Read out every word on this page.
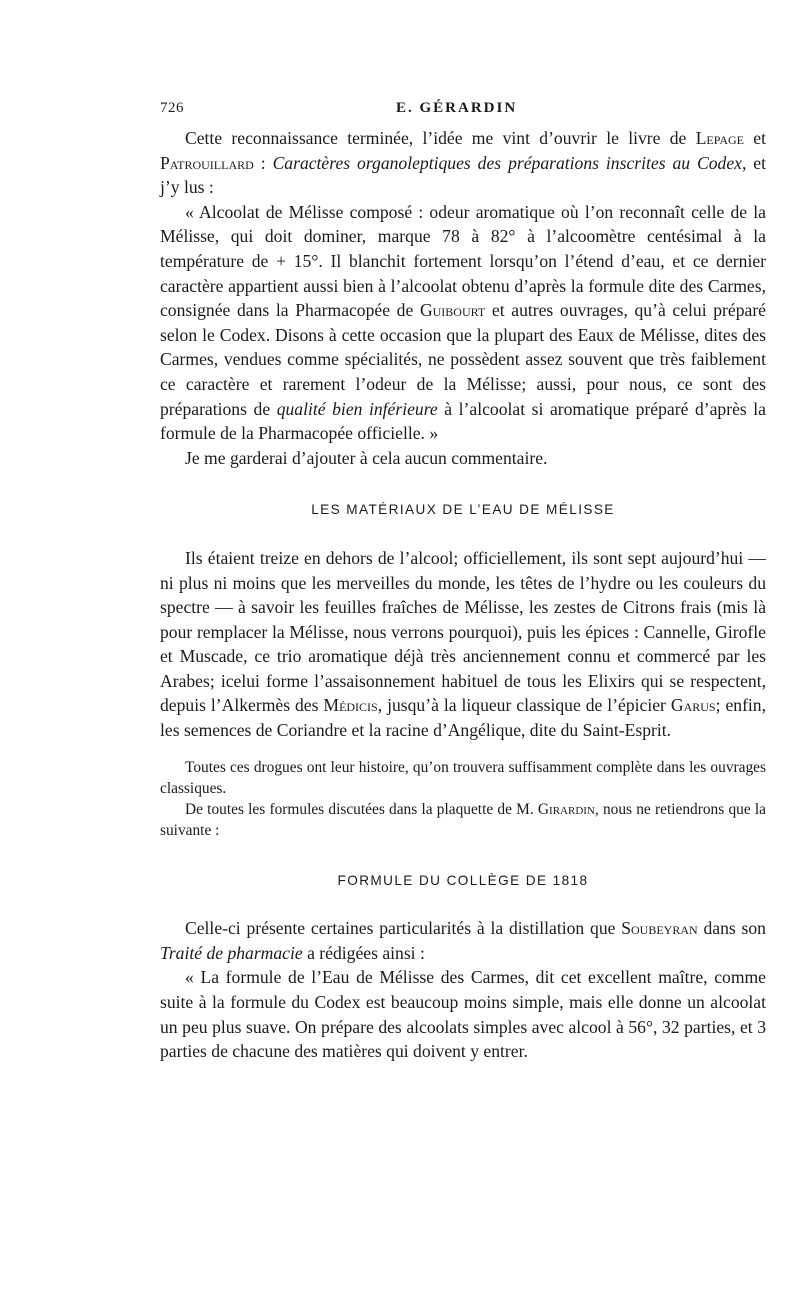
726	E. GÉRARDIN

Cette reconnaissance terminée, l’idée me vint d’ouvrir le livre de Lepage et Patrouillard : Caractères organoleptiques des préparations inscrites au Codex, et j’y lus :

« Alcoolat de Mélisse composé : odeur aromatique où l’on reconnaît celle de la Mélisse, qui doit dominer, marque 78 à 82° à l’alcoomètre centésimal à la température de + 15°. Il blanchit fortement lorsqu’on l’étend d’eau, et ce dernier caractère appartient aussi bien à l’alcoolat obtenu d’après la formule dite des Carmes, consignée dans la Pharmacopée de Guibourt et autres ouvrages, qu’à celui préparé selon le Codex. Disons à cette occasion que la plupart des Eaux de Mélisse, dites des Carmes, vendues comme spécialités, ne possèdent assez souvent que très faiblement ce caractère et rarement l’odeur de la Mélisse; aussi, pour nous, ce sont des préparations de qualité bien inférieure à l’alcoolat si aromatique préparé d’après la formule de la Pharmacopée officielle. »

Je me garderai d’ajouter à cela aucun commentaire.

LES MATÉRIAUX DE L’EAU DE MÉLISSE

Ils étaient treize en dehors de l’alcool; officiellement, ils sont sept aujourd’hui — ni plus ni moins que les merveilles du monde, les têtes de l’hydre ou les couleurs du spectre — à savoir les feuilles fraîches de Mélisse, les zestes de Citrons frais (mis là pour remplacer la Mélisse, nous verrons pourquoi), puis les épices : Cannelle, Girofle et Muscade, ce trio aromatique déjà très anciennement connu et commercé par les Arabes; icelui forme l’assaisonnement habituel de tous les Elixirs qui se respectent, depuis l’Alkermès des Médicis, jusqu’à la liqueur classique de l’épicier Garus; enfin, les semences de Coriandre et la racine d’Angélique, dite du Saint-Esprit.

Toutes ces drogues ont leur histoire, qu’on trouvera suffisamment complète dans les ouvrages classiques.

De toutes les formules discutées dans la plaquette de M. Girardin, nous ne retiendrons que la suivante :

FORMULE DU COLLÈGE DE 1818

Celle-ci présente certaines particularités à la distillation que Soubeyran dans son Traité de pharmacie a rédigées ainsi :

« La formule de l’Eau de Mélisse des Carmes, dit cet excellent maître, comme suite à la formule du Codex est beaucoup moins simple, mais elle donne un alcoolat un peu plus suave. On prépare des alcoolats simples avec alcool à 56°, 32 parties, et 3 parties de chacune des matières qui doivent y entrer.
